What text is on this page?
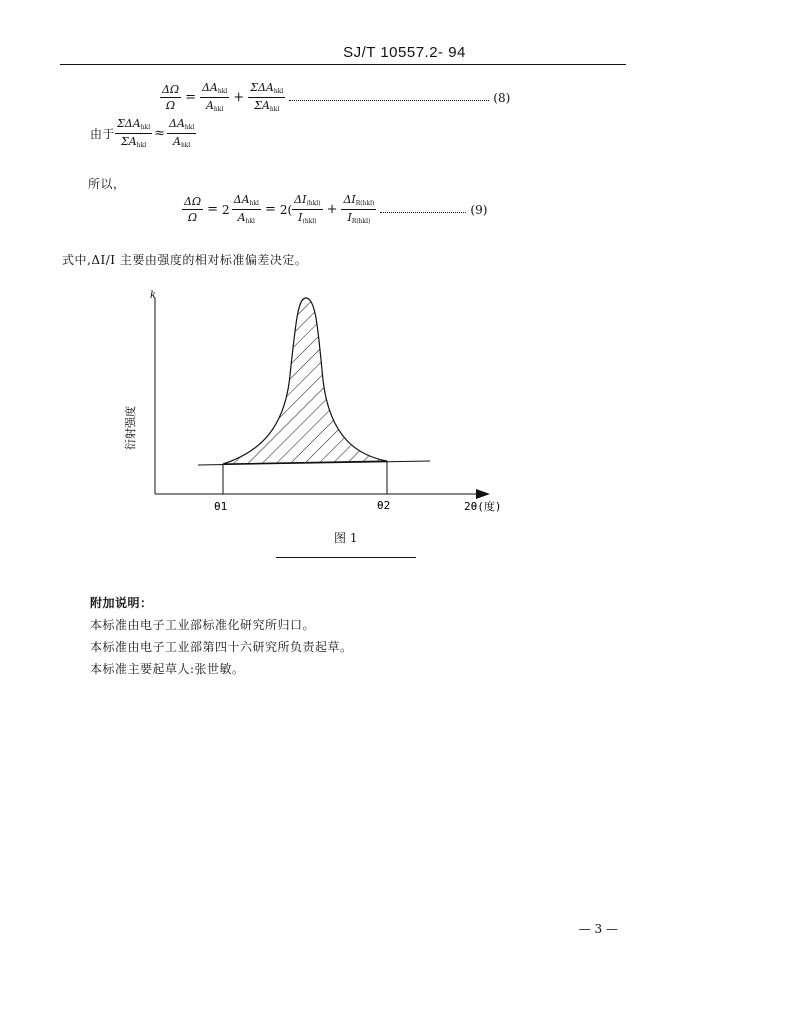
SJ/T 10557.2- 94
$\frac{\Delta\Omega}{\Omega} = \frac{\Delta A_{hkl}}{A_{hkl}} + \frac{\Sigma\Delta A_{hkl}}{\Sigma A_{hkl}}$	(8)
由于 $\frac{\Sigma\Delta A_{hkl}}{\Sigma A_{hkl}} \approx \frac{\Delta A_{hkl}}{A_{hkl}}$
所以，
$\frac{\Delta\Omega}{\Omega} = 2 \frac{\Delta A_{hkl}}{A_{hkl}} = 2( \frac{\Delta I_{(hkl)}}{I_{(hkl)}} + \frac{\Delta I_{R(hkl)}}{I_{R(hkl)}}$	(9)
式中,ΔI/I 主要由强度的相对标准偏差决定。
k
衍射强度
θ1	θ2	2θ(度)
图 1
附加说明：
本标准由电子工业部标准化研究所归口。
本标准由电子工业部第四十六研究所负责起草。
本标准主要起草人:张世敏。
— 3 —
